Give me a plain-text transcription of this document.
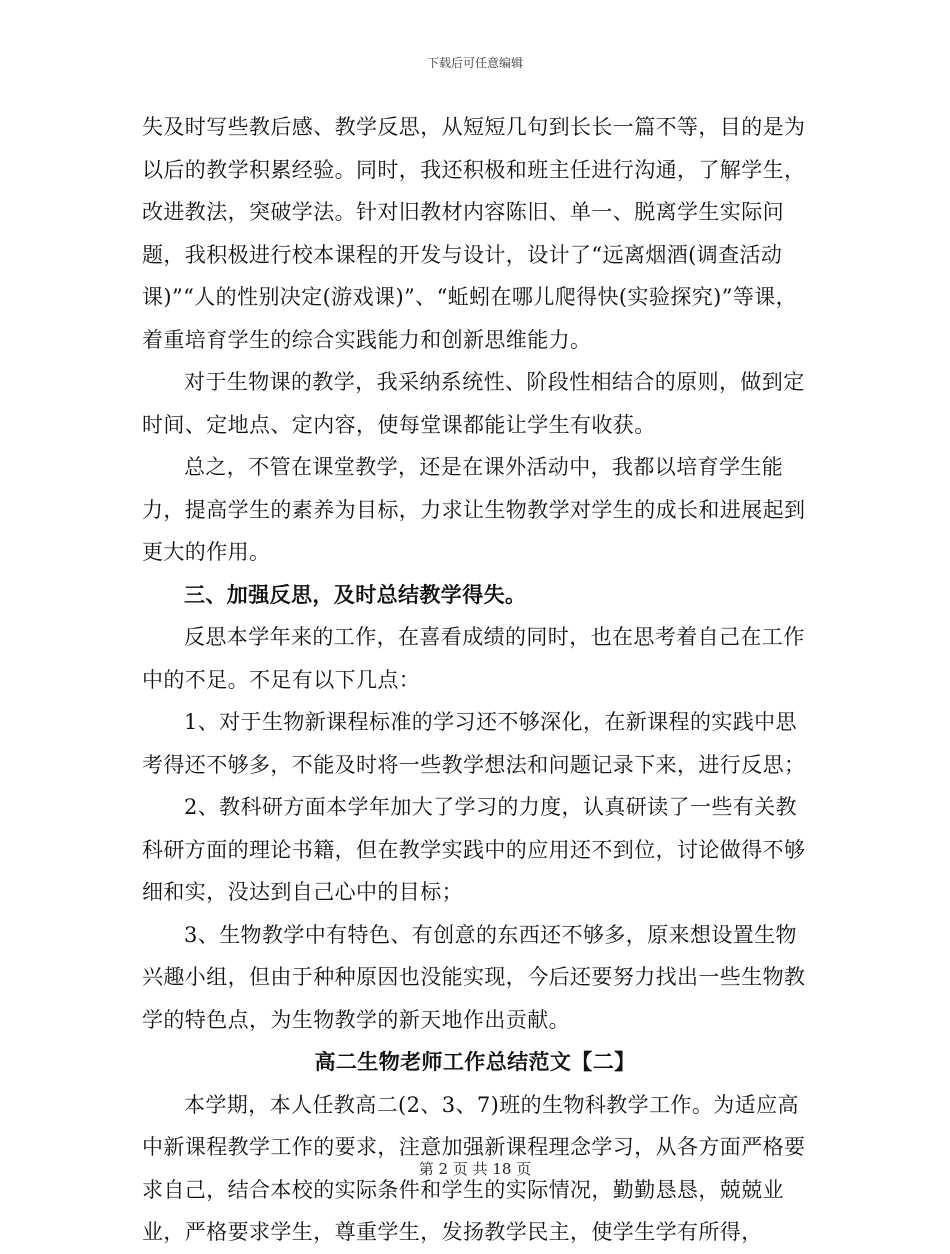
下载后可任意编辑

失及时写些教后感、教学反思，从短短几句到长长一篇不等，目的是为以后的教学积累经验。同时，我还积极和班主任进行沟通，了解学生，改进教法，突破学法。针对旧教材内容陈旧、单一、脱离学生实际问题，我积极进行校本课程的开发与设计，设计了“远离烟酒(调查活动课)”“人的性别决定(游戏课)”、“蚯蚓在哪儿爬得快(实验探究)”等课，着重培育学生的综合实践能力和创新思维能力。

对于生物课的教学，我采纳系统性、阶段性相结合的原则，做到定时间、定地点、定内容，使每堂课都能让学生有收获。

总之，不管在课堂教学，还是在课外活动中，我都以培育学生能力，提高学生的素养为目标，力求让生物教学对学生的成长和进展起到更大的作用。

三、加强反思，及时总结教学得失。

反思本学年来的工作，在喜看成绩的同时，也在思考着自己在工作中的不足。不足有以下几点：

1、对于生物新课程标准的学习还不够深化，在新课程的实践中思考得还不够多，不能及时将一些教学想法和问题记录下来，进行反思；

2、教科研方面本学年加大了学习的力度，认真研读了一些有关教科研方面的理论书籍，但在教学实践中的应用还不到位，讨论做得不够细和实，没达到自己心中的目标；

3、生物教学中有特色、有创意的东西还不够多，原来想设置生物兴趣小组，但由于种种原因也没能实现，今后还要努力找出一些生物教学的特色点，为生物教学的新天地作出贡献。

高二生物老师工作总结范文【二】

本学期，本人任教高二(2、3、7)班的生物科教学工作。为适应高中新课程教学工作的要求，注意加强新课程理念学习，从各方面严格要求自己，结合本校的实际条件和学生的实际情况，勤勤恳恳，兢兢业业，严格要求学生，尊重学生，发扬教学民主，使学生学有所得，

第 2 页 共 18 页
